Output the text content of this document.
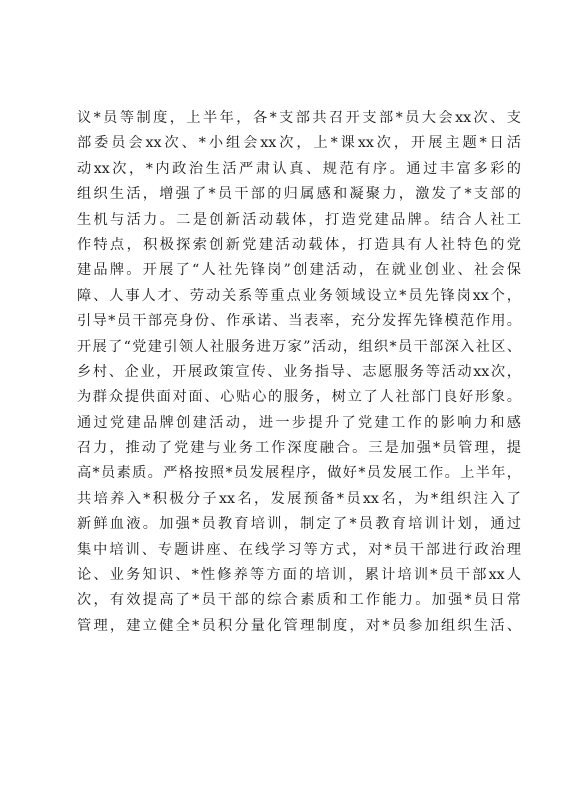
议*员等制度，上半年，各*支部共召开支部*员大会xx次、支
部委员会xx次、*小组会xx次，上*课xx次，开展主题*日活
动xx次，*内政治生活严肃认真、规范有序。通过丰富多彩的
组织生活，增强了*员干部的归属感和凝聚力，激发了*支部的
生机与活力。二是创新活动载体，打造党建品牌。结合人社工
作特点，积极探索创新党建活动载体，打造具有人社特色的党
建品牌。开展了“人社先锋岗”创建活动，在就业创业、社会保
障、人事人才、劳动关系等重点业务领域设立*员先锋岗xx个，
引导*员干部亮身份、作承诺、当表率，充分发挥先锋模范作用。
开展了“党建引领人社服务进万家”活动，组织*员干部深入社区、
乡村、企业，开展政策宣传、业务指导、志愿服务等活动xx次，
为群众提供面对面、心贴心的服务，树立了人社部门良好形象。
通过党建品牌创建活动，进一步提升了党建工作的影响力和感
召力，推动了党建与业务工作深度融合。三是加强*员管理，提
高*员素质。严格按照*员发展程序，做好*员发展工作。上半年，
共培养入*积极分子xx名，发展预备*员xx名，为*组织注入了
新鲜血液。加强*员教育培训，制定了*员教育培训计划，通过
集中培训、专题讲座、在线学习等方式，对*员干部进行政治理
论、业务知识、*性修养等方面的培训，累计培训*员干部xx人
次，有效提高了*员干部的综合素质和工作能力。加强*员日常
管理，建立健全*员积分量化管理制度，对*员参加组织生活、
